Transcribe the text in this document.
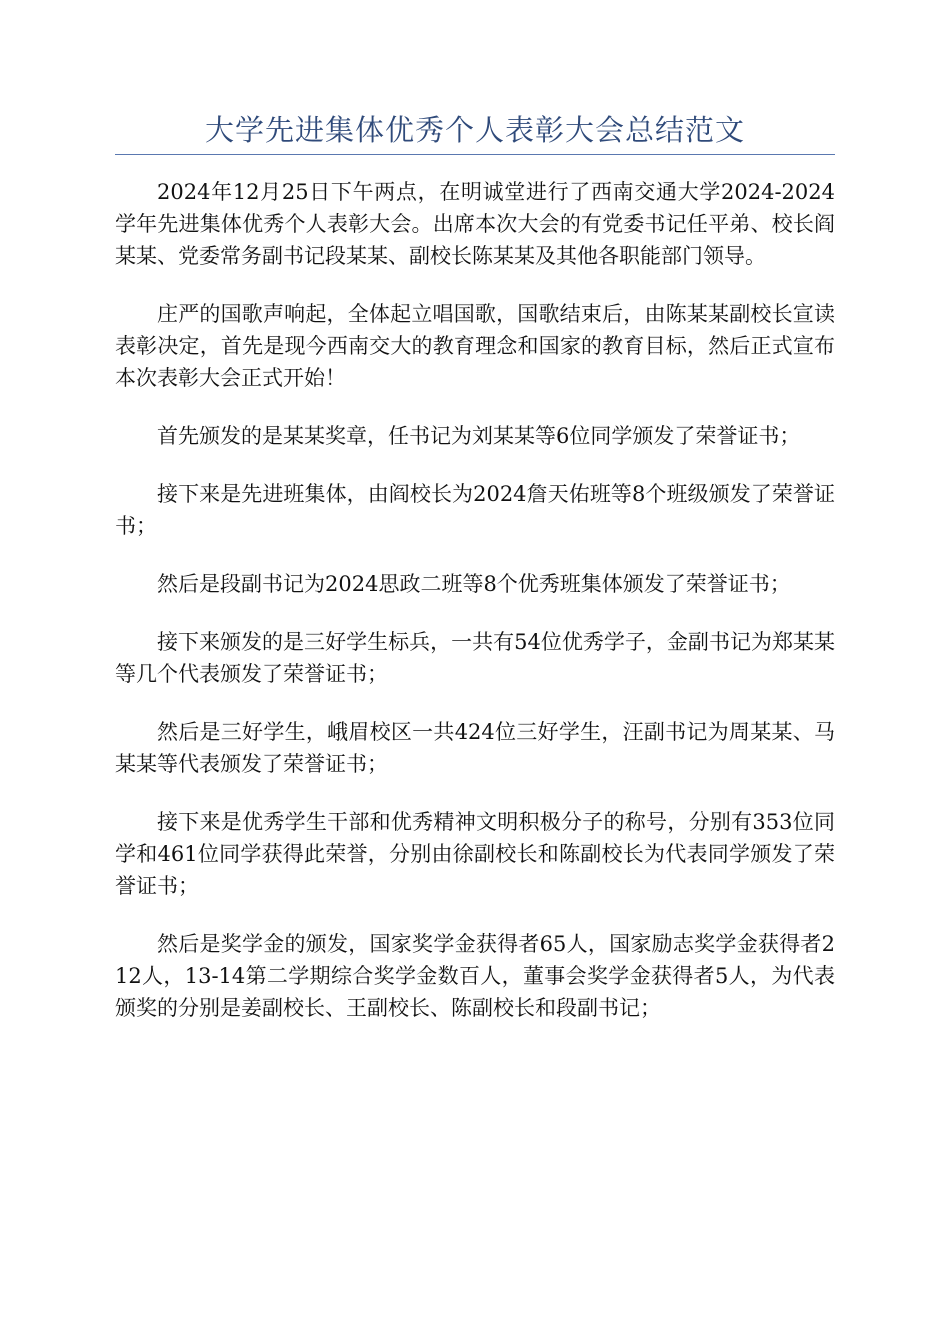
大学先进集体优秀个人表彰大会总结范文

2024年12月25日下午两点，在明诚堂进行了西南交通大学2024-2024学年先进集体优秀个人表彰大会。出席本次大会的有党委书记任平弟、校长阎某某、党委常务副书记段某某、副校长陈某某及其他各职能部门领导。

庄严的国歌声响起，全体起立唱国歌，国歌结束后，由陈某某副校长宣读表彰决定，首先是现今西南交大的教育理念和国家的教育目标，然后正式宣布本次表彰大会正式开始！

首先颁发的是某某奖章，任书记为刘某某等6位同学颁发了荣誉证书；

接下来是先进班集体，由阎校长为2024詹天佑班等8个班级颁发了荣誉证书；

然后是段副书记为2024思政二班等8个优秀班集体颁发了荣誉证书；

接下来颁发的是三好学生标兵，一共有54位优秀学子，金副书记为郑某某等几个代表颁发了荣誉证书；

然后是三好学生，峨眉校区一共424位三好学生，汪副书记为周某某、马某某等代表颁发了荣誉证书；

接下来是优秀学生干部和优秀精神文明积极分子的称号，分别有353位同学和461位同学获得此荣誉，分别由徐副校长和陈副校长为代表同学颁发了荣誉证书；

然后是奖学金的颁发，国家奖学金获得者65人，国家励志奖学金获得者212人，13-14第二学期综合奖学金数百人，董事会奖学金获得者5人，为代表颁奖的分别是姜副校长、王副校长、陈副校长和段副书记；
